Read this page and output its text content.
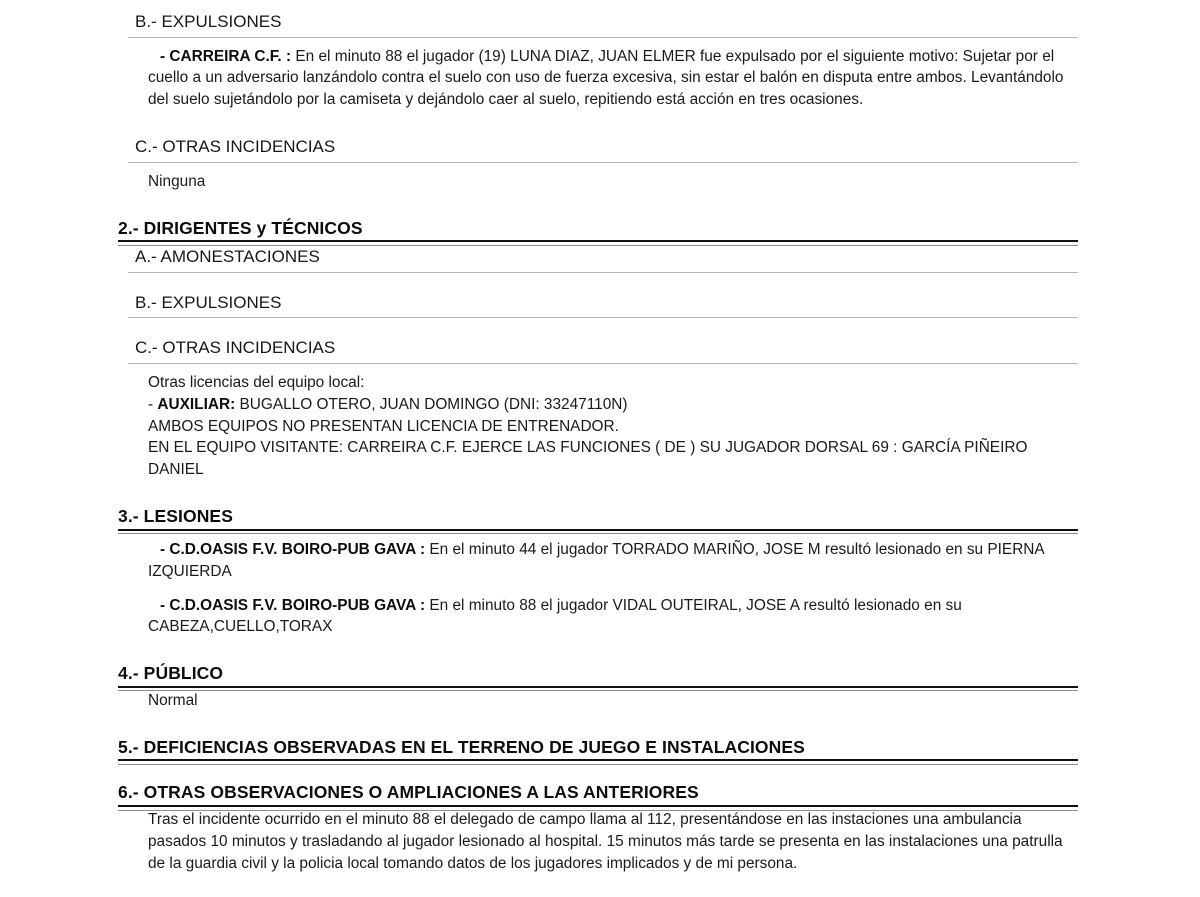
B.- EXPULSIONES
- CARREIRA C.F. : En el minuto 88 el jugador (19) LUNA DIAZ, JUAN ELMER fue expulsado por el siguiente motivo: Sujetar por el cuello a un adversario lanzándolo contra el suelo con uso de fuerza excesiva, sin estar el balón en disputa entre ambos. Levantándolo del suelo sujetándolo por la camiseta y dejándolo caer al suelo, repitiendo está acción en tres ocasiones.
C.- OTRAS INCIDENCIAS
Ninguna
2.- DIRIGENTES y TÉCNICOS
A.- AMONESTACIONES
B.- EXPULSIONES
C.- OTRAS INCIDENCIAS
Otras licencias del equipo local:
- AUXILIAR: BUGALLO OTERO, JUAN DOMINGO (DNI: 33247110N)
AMBOS EQUIPOS NO PRESENTAN LICENCIA DE ENTRENADOR.
EN EL EQUIPO VISITANTE: CARREIRA C.F. EJERCE LAS FUNCIONES ( DE ) SU JUGADOR DORSAL 69 : GARCÍA PIÑEIRO DANIEL
3.- LESIONES
- C.D.OASIS F.V. BOIRO-PUB GAVA : En el minuto 44 el jugador TORRADO MARIÑO, JOSE M resultó lesionado en su PIERNA IZQUIERDA
- C.D.OASIS F.V. BOIRO-PUB GAVA : En el minuto 88 el jugador VIDAL OUTEIRAL, JOSE A resultó lesionado en su CABEZA,CUELLO,TORAX
4.- PÚBLICO
Normal
5.- DEFICIENCIAS OBSERVADAS EN EL TERRENO DE JUEGO E INSTALACIONES
6.- OTRAS OBSERVACIONES O AMPLIACIONES A LAS ANTERIORES
Tras el incidente ocurrido en el minuto 88 el delegado de campo llama al 112, presentándose en las instaciones una ambulancia pasados 10 minutos y trasladando al jugador lesionado al hospital. 15 minutos más tarde se presenta en las instalaciones una patrulla de la guardia civil y la policia local tomando datos de los jugadores implicados y de mi persona.
